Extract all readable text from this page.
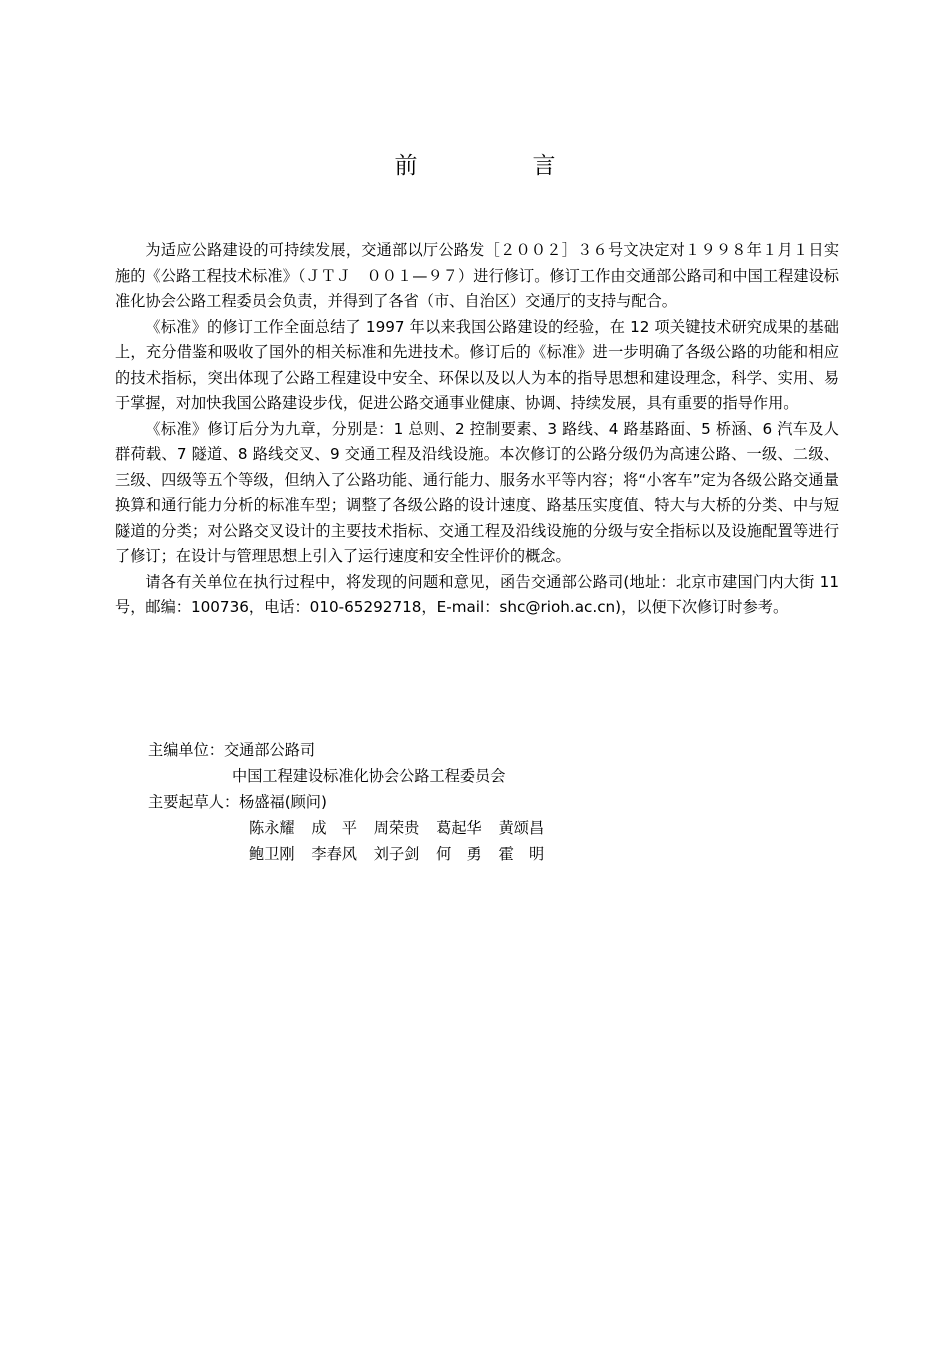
前　言

为适应公路建设的可持续发展，交通部以厅公路发［２００２］３６号文决定对１９９８年１月１日实施的《公路工程技术标准》（ＪＴＪ　００１—９７）进行修订。修订工作由交通部公路司和中国工程建设标准化协会公路工程委员会负责，并得到了各省（市、自治区）交通厅的支持与配合。

《标准》的修订工作全面总结了 1997 年以来我国公路建设的经验，在 12 项关键技术研究成果的基础上，充分借鉴和吸收了国外的相关标准和先进技术。修订后的《标准》进一步明确了各级公路的功能和相应的技术指标，突出体现了公路工程建设中安全、环保以及以人为本的指导思想和建设理念，科学、实用、易于掌握，对加快我国公路建设步伐，促进公路交通事业健康、协调、持续发展，具有重要的指导作用。

《标准》修订后分为九章，分别是：1 总则、2 控制要素、3 路线、4 路基路面、5 桥涵、6 汽车及人群荷载、7 隧道、8 路线交叉、9 交通工程及沿线设施。本次修订的公路分级仍为高速公路、一级、二级、三级、四级等五个等级，但纳入了公路功能、通行能力、服务水平等内容；将“小客车”定为各级公路交通量换算和通行能力分析的标准车型；调整了各级公路的设计速度、路基压实度值、特大与大桥的分类、中与短隧道的分类；对公路交叉设计的主要技术指标、交通工程及沿线设施的分级与安全指标以及设施配置等进行了修订；在设计与管理思想上引入了运行速度和安全性评价的概念。

请各有关单位在执行过程中，将发现的问题和意见，函告交通部公路司(地址：北京市建国门内大街 11 号，邮编：100736，电话：010-65292718，E-mail：shc@rioh.ac.cn)，以便下次修订时参考。

主编单位：交通部公路司
中国工程建设标准化协会公路工程委员会
主要起草人：杨盛福(顾问)
陈永耀 成　平 周荣贵 葛起华 黄颂昌
鲍卫刚 李春风 刘子剑 何　勇 霍　明
